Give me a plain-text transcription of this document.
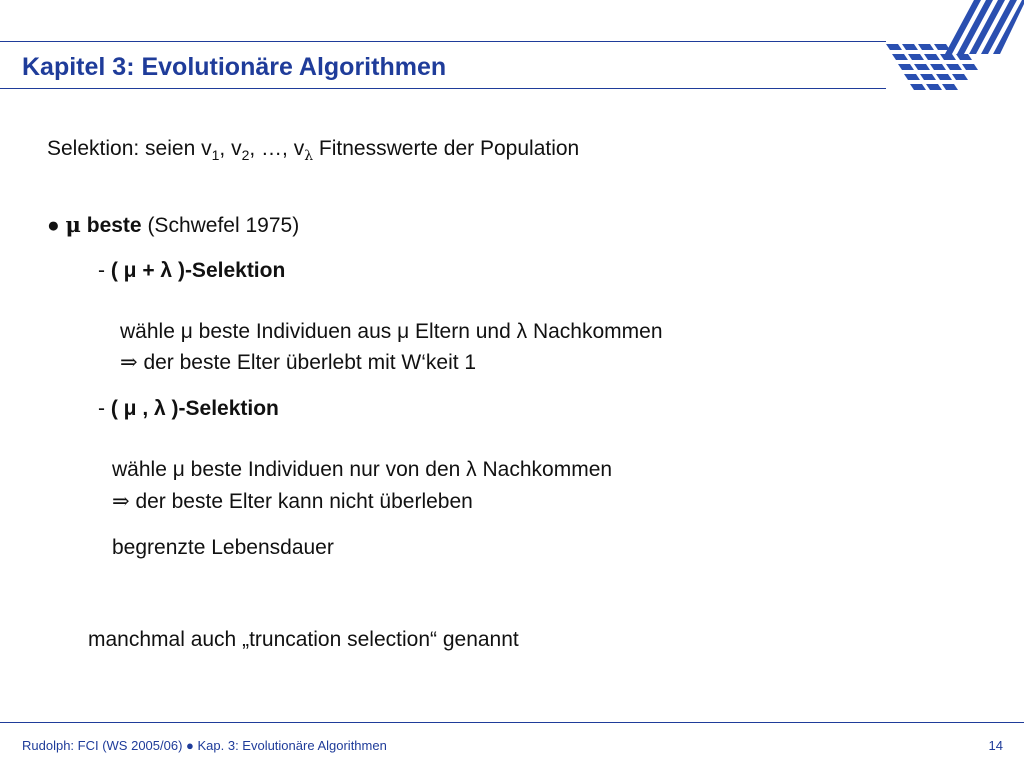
Kapitel 3: Evolutionäre Algorithmen
Selektion: seien $v_1$, $v_2$, …, $v_\lambda$ Fitnesswerte der Population
● μ beste (Schwefel 1975)
- ( μ + λ )-Selektion
wähle μ beste Individuen aus μ Eltern und λ Nachkommen
⇒ der beste Elter überlebt mit W‘keit 1
- ( μ , λ )-Selektion
wähle μ beste Individuen nur von den λ Nachkommen
⇒ der beste Elter kann nicht überleben
begrenzte Lebensdauer
manchmal auch „truncation selection“ genannt
Rudolph: FCI (WS 2005/06) ● Kap. 3: Evolutionäre Algorithmen	14
